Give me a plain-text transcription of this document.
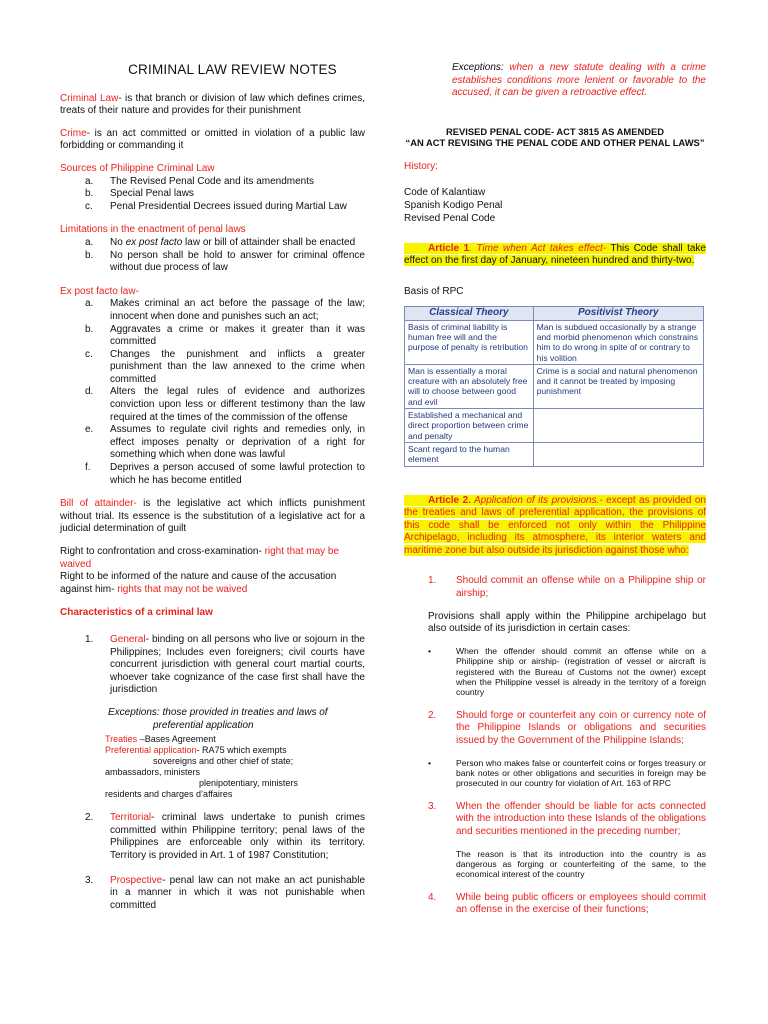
CRIMINAL LAW REVIEW NOTES
Criminal Law- is that branch or division of law which defines crimes, treats of their nature and provides for their punishment
Crime- is an act committed or omitted in violation of a public law forbidding or commanding it
Sources of Philippine Criminal Law
a. The Revised Penal Code and its amendments
b. Special Penal laws
c. Penal Presidential Decrees issued during Martial Law
Limitations in the enactment of penal laws
a. No ex post facto law or bill of attainder shall be enacted
b. No person shall be hold to answer for criminal offence without due process of law
Ex post facto law-
a. Makes criminal an act before the passage of the law; innocent when done and punishes such an act;
b. Aggravates a crime or makes it greater than it was committed
c. Changes the punishment and inflicts a greater punishment than the law annexed to the crime when committed
d. Alters the legal rules of evidence and authorizes conviction upon less or different testimony than the law required at the times of the commission of the offense
e. Assumes to regulate civil rights and remedies only, in effect imposes penalty or deprivation of a right for something which when done was lawful
f. Deprives a person accused of some lawful protection to which he has become entitled
Bill of attainder- is the legislative act which inflicts punishment without trial. Its essence is the substitution of a legislative act for a judicial determination of guilt
Right to confrontation and cross-examination- right that may be waived
Right to be informed of the nature and cause of the accusation against him- rights that may not be waived
Characteristics of a criminal law
1. General- binding on all persons who live or sojourn in the Philippines; Includes even foreigners; civil courts have concurrent jurisdiction with general court martial courts, whoever take cognizance of the case first shall have the jurisdiction
Exceptions: those provided in treaties and laws of
preferential application
Treaties –Bases Agreement
Preferential application- RA75 which exempts
sovereigns and other chief of state;
ambassadors, ministers
plenipotentiary, ministers
residents and charges d’affaires
2. Territorial- criminal laws undertake to punish crimes committed within Philippine territory; penal laws of the Philippines are enforceable only within its territory. Territory is provided in Art. 1 of 1987 Constitution;
3. Prospective- penal law can not make an act punishable in a manner in which it was not punishable when committed
Exceptions: when a new statute dealing with a crime establishes conditions more lenient or favorable to the accused, it can be given a retroactive effect.
REVISED PENAL CODE- ACT 3815 AS AMENDED
“AN ACT REVISING THE PENAL CODE AND OTHER PENAL LAWS”
History:
Code of Kalantiaw
Spanish Kodigo Penal
Revised Penal Code
Article 1. Time when Act takes effect- This Code shall take effect on the first day of January, nineteen hundred and thirty-two.
Basis of RPC
Classical Theory	Positivist Theory
Basis of criminal liability is human free will and the purpose of penalty is retribution	Man is subdued occasionally by a strange and morbid phenomenon which constrains him to do wrong in spite of or contrary to his volition
Man is essentially a moral creature with an absolutely free will to choose between good and evil	Crime is a social and natural phenomenon and it cannot be treated by imposing punishment
Established a mechanical and direct proportion between crime and penalty	
Scant regard to the human element	
Article 2. Application of its provisions.- except as provided on the treaties and laws of preferential application, the provisions of this code shall be enforced not only within the Philippine Archipelago, including its atmosphere, its interior waters and maritime zone but also outside its jurisdiction against those who:
1. Should commit an offense while on a Philippine ship or airship;
Provisions shall apply within the Philippine archipelago but also outside of its jurisdiction in certain cases:
•	When the offender should commit an offense while on a Philippine ship or airship- (registration of vessel or aircraft is registered with the Bureau of Customs not the owner) except when the Philippine vessel is already in the territory of a foreign country
2. Should forge or counterfeit any coin or currency note of the Philippine Islands or obligations and securities issued by the Government of the Philippine Islands;
•	Person who makes false or counterfeit coins or forges treasury or bank notes or other obligations and securities in foreign may be prosecuted in our country for violation of Art. 163 of RPC
3. When the offender should be liable for acts connected with the introduction into these Islands of the obligations and securities mentioned in the preceding number;
The reason is that its introduction into the country is as dangerous as forging or counterfeiting of the same, to the economical interest of the country
4. While being public officers or employees should commit an offense in the exercise of their functions;
